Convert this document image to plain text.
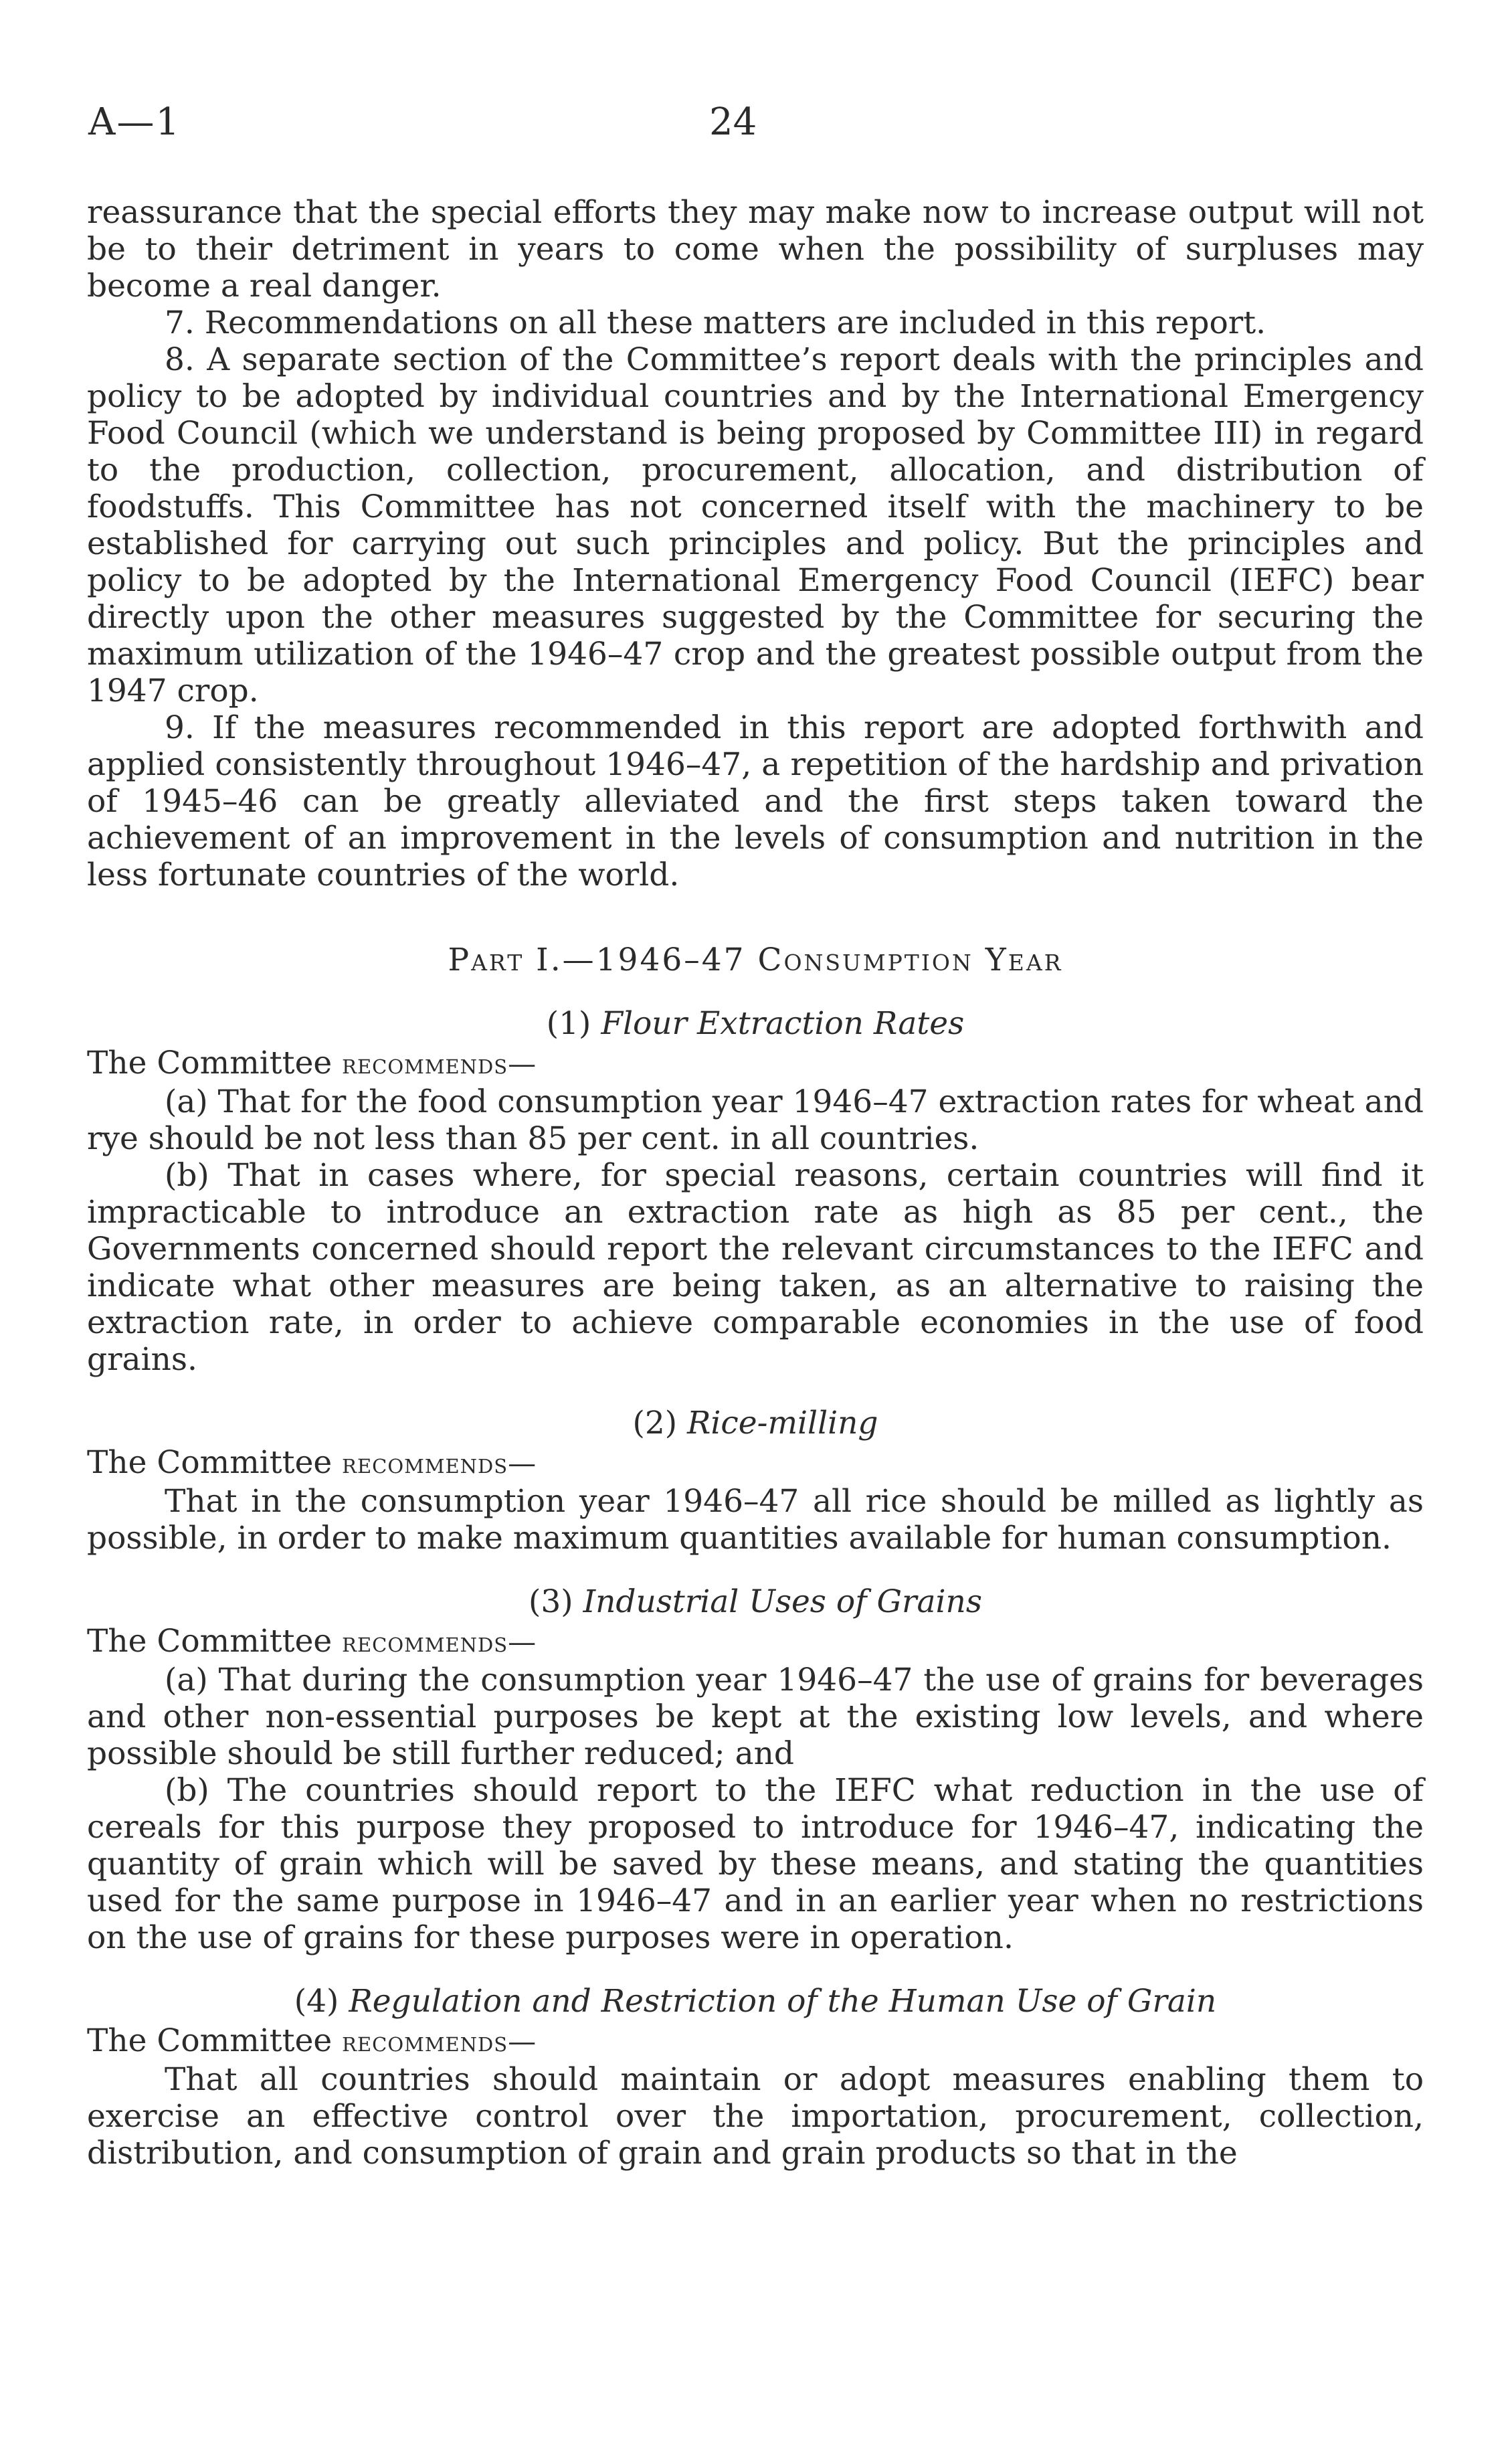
A—1	24

reassurance that the special efforts they may make now to increase output will not be to their detriment in years to come when the possibility of surpluses may become a real danger.

7. Recommendations on all these matters are included in this report.

8. A separate section of the Committee’s report deals with the principles and policy to be adopted by individual countries and by the International Emergency Food Council (which we understand is being proposed by Committee III) in regard to the production, collection, procurement, allocation, and distribution of foodstuffs. This Committee has not concerned itself with the machinery to be established for carrying out such principles and policy. But the principles and policy to be adopted by the International Emergency Food Council (IEFC) bear directly upon the other measures suggested by the Committee for securing the maximum utilization of the 1946–47 crop and the greatest possible output from the 1947 crop.

9. If the measures recommended in this report are adopted forthwith and applied consistently throughout 1946–47, a repetition of the hardship and privation of 1945–46 can be greatly alleviated and the first steps taken toward the achievement of an improvement in the levels of consumption and nutrition in the less fortunate countries of the world.

Part I.—1946–47 Consumption Year

(1) Flour Extraction Rates

The Committee recommends—

(a) That for the food consumption year 1946–47 extraction rates for wheat and rye should be not less than 85 per cent. in all countries.

(b) That in cases where, for special reasons, certain countries will find it impracticable to introduce an extraction rate as high as 85 per cent., the Governments concerned should report the relevant circumstances to the IEFC and indicate what other measures are being taken, as an alternative to raising the extraction rate, in order to achieve comparable economies in the use of food grains.

(2) Rice-milling

The Committee recommends—

That in the consumption year 1946–47 all rice should be milled as lightly as possible, in order to make maximum quantities available for human consumption.

(3) Industrial Uses of Grains

The Committee recommends—

(a) That during the consumption year 1946–47 the use of grains for beverages and other non-essential purposes be kept at the existing low levels, and where possible should be still further reduced; and

(b) The countries should report to the IEFC what reduction in the use of cereals for this purpose they proposed to introduce for 1946–47, indicating the quantity of grain which will be saved by these means, and stating the quantities used for the same purpose in 1946–47 and in an earlier year when no restrictions on the use of grains for these purposes were in operation.

(4) Regulation and Restriction of the Human Use of Grain

The Committee recommends—

That all countries should maintain or adopt measures enabling them to exercise an effective control over the importation, procurement, collection, distribution, and consumption of grain and grain products so that in the
